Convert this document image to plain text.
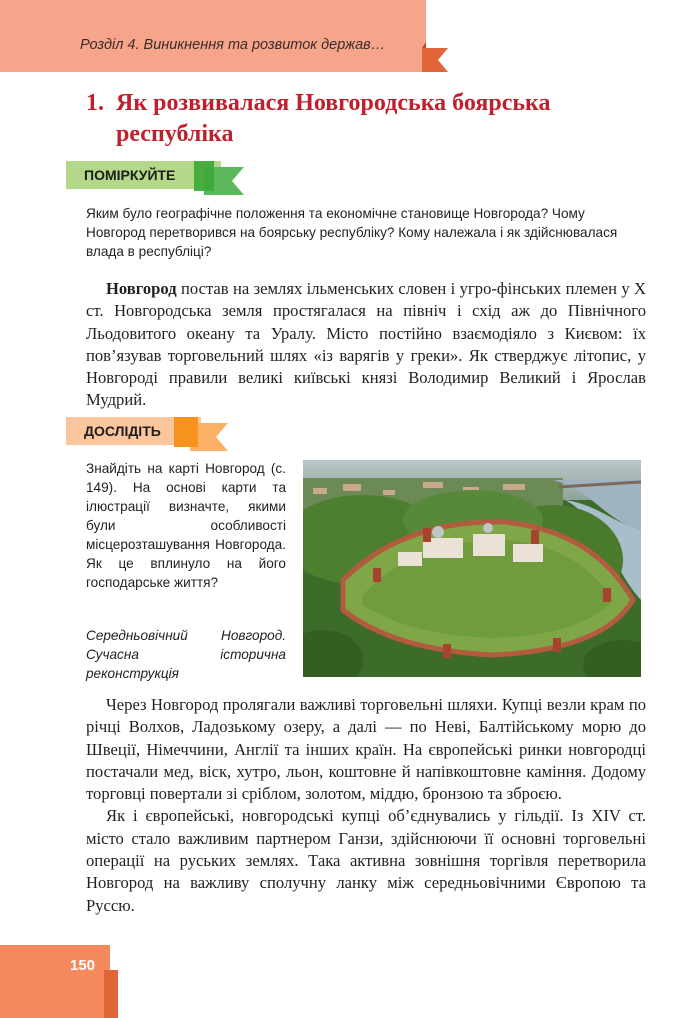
Розділ 4. Виникнення та розвиток держав…
1. Як розвивалася Новгородська боярська
республіка
ПОМІРКУЙТЕ
Яким було географічне положення та економічне становище Новгорода? Чому Новгород перетворився на боярську республіку? Кому належала і як здійснювалася влада в республіці?

Новгород постав на землях ільменських словен і угро-фінських племен у X ст. Новгородська земля простягалася на північ і схід аж до Північного Льодовитого океану та Уралу. Місто постійно взаємодіяло з Києвом: їх пов’язував торговельний шлях «із варягів у греки». Як стверджує літопис, у Новгороді правили великі київські князі Володимир Великий і Ярослав Мудрий.

ДОСЛІДІТЬ
Знайдіть на карті Новгород (с. 149). На основі карти та ілюстрації визначте, якими були особливості місцерозташування Новгорода. Як це вплинуло на його господарське життя?
Середньовічний Новгород. Сучасна історична реконструкція

Через Новгород пролягали важливі торговельні шляхи. Купці везли крам по річці Волхов, Ладозькому озеру, а далі — по Неві, Балтійському морю до Швеції, Німеччини, Англії та інших країн. На європейські ринки новгородці постачали мед, віск, хутро, льон, коштовне й напівкоштовне каміння. Додому торговці повертали зі сріблом, золотом, міддю, бронзою та зброєю.

Як і європейські, новгородські купці об’єднувались у гільдії. Із XIV ст. місто стало важливим партнером Ганзи, здійснюючи її основні торговельні операції на руських землях. Така активна зовнішня торгівля перетворила Новгород на важливу сполучну ланку між середньовічними Європою та Руссю.

150
